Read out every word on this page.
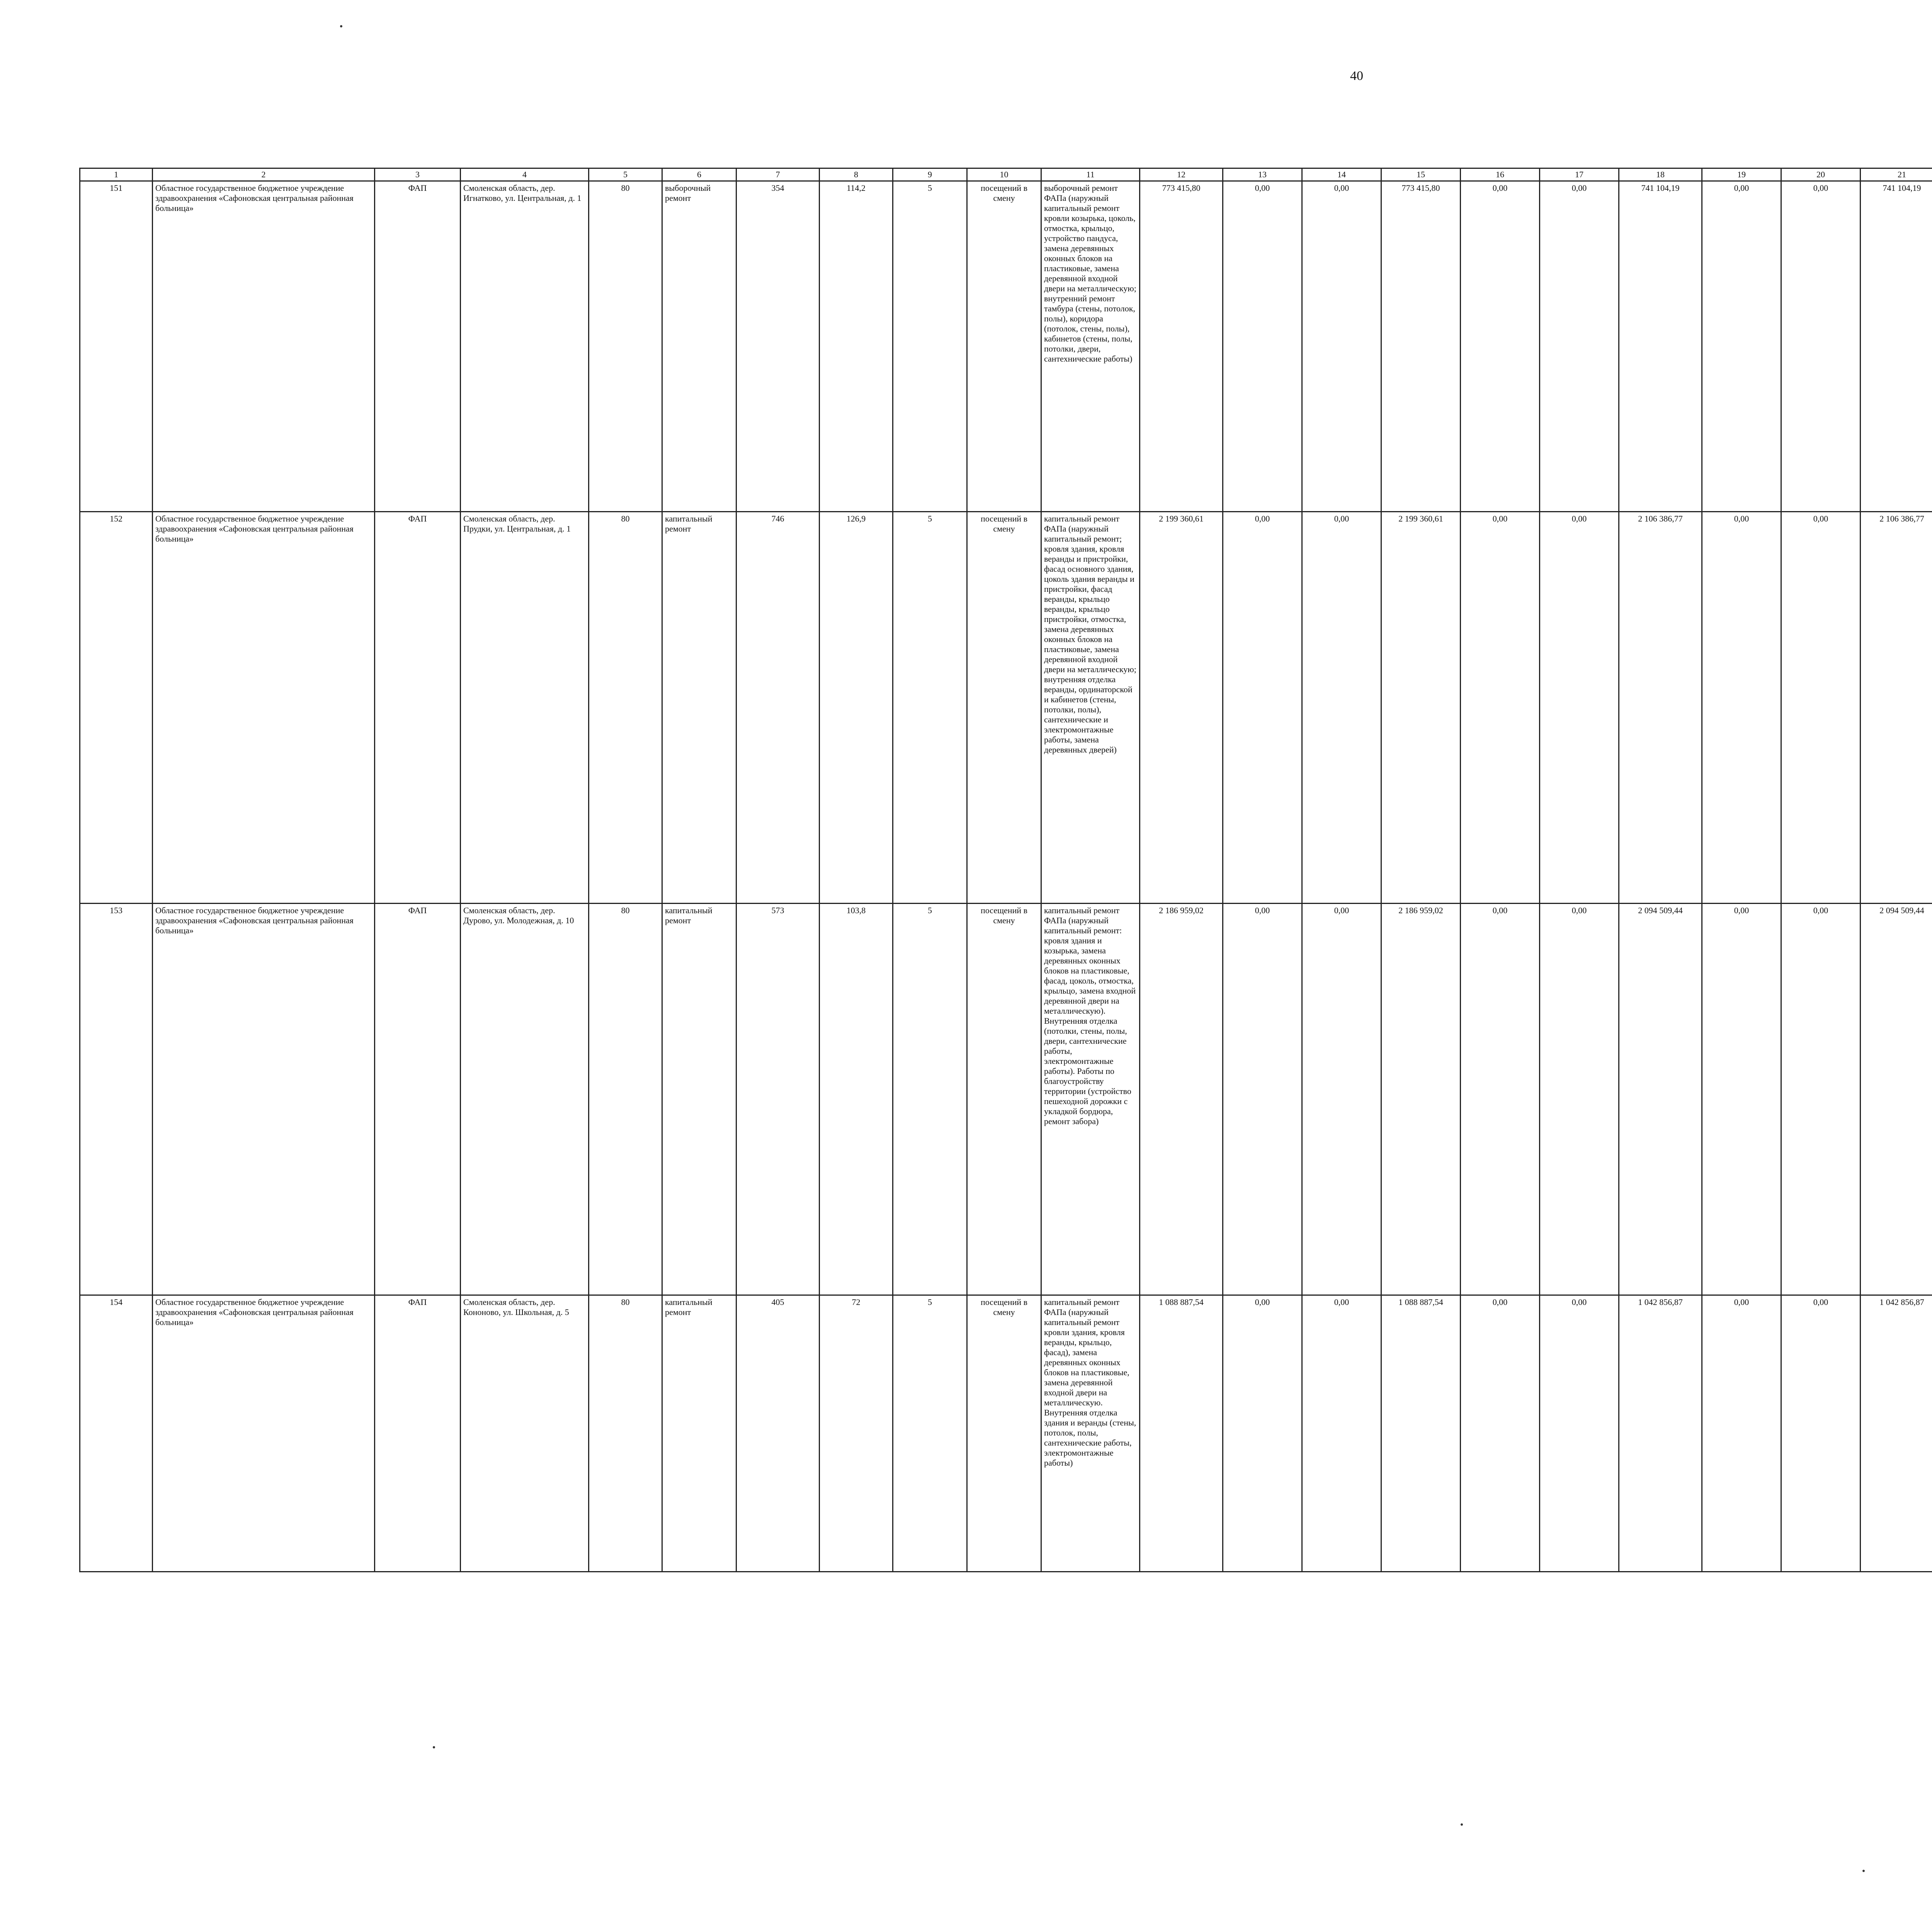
40
1	2	3	4	5	6	7	8	9	10	11	12	13	14	15	16	17	18	19	20	21									
151	Областное государственное бюджетное учреждение здравоохранения «Сафоновская центральная районная больница»	ФАП	Смоленская область, дер. Игнатково, ул. Центральная, д. 1	80	выборочный ремонт	354	114,2	5	посещений в смену	выборочный ремонт ФАПа (наружный капитальный ремонт кровли козырька, цоколь, отмостка, крыльцо, устройство пандуса, замена деревянных оконных блоков на пластиковые, замена деревянной входной двери на металлическую; внутренний ремонт тамбура (стены, потолок, полы), коридора (потолок, стены, полы), кабинетов (стены, полы, потолки, двери, сантехнические работы)	773 415,80	0,00	0,00	773 415,80	0,00	0,00	741 104,19	0,00	0,00	741 104,19									
152	Областное государственное бюджетное учреждение здравоохранения «Сафоновская центральная районная больница»	ФАП	Смоленская область, дер. Прудки, ул. Центральная, д. 1	80	капитальный ремонт	746	126,9	5	посещений в смену	капитальный ремонт ФАПа (наружный капитальный ремонт; кровля здания, кровля веранды и пристройки, фасад основного здания, цоколь здания веранды и пристройки, фасад веранды, крыльцо веранды, крыльцо пристройки, отмостка, замена деревянных оконных блоков на пластиковые, замена деревянной входной двери на металлическую; внутренняя отделка веранды, ординаторской и кабинетов (стены, потолки, полы), сантехнические и электромонтажные работы, замена деревянных дверей)	2 199 360,61	0,00	0,00	2 199 360,61	0,00	0,00	2 106 386,77	0,00	0,00	2 106 386,77									
153	Областное государственное бюджетное учреждение здравоохранения «Сафоновская центральная районная больница»	ФАП	Смоленская область, дер. Дурово, ул. Молодежная, д. 10	80	капитальный ремонт	573	103,8	5	посещений в смену	капитальный ремонт ФАПа (наружный капитальный ремонт: кровля здания и козырька, замена деревянных оконных блоков на пластиковые, фасад, цоколь, отмостка, крыльцо, замена входной деревянной двери на металлическую). Внутренняя отделка (потолки, стены, полы, двери, сантехнические работы, электромонтажные работы). Работы по благоустройству территории (устройство пешеходной дорожки с укладкой бордюра, ремонт забора)	2 186 959,02	0,00	0,00	2 186 959,02	0,00	0,00	2 094 509,44	0,00	0,00	2 094 509,44									
154	Областное государственное бюджетное учреждение здравоохранения «Сафоновская центральная районная больница»	ФАП	Смоленская область, дер. Кононово, ул. Школьная, д. 5	80	капитальный ремонт	405	72	5	посещений в смену	капитальный ремонт ФАПа (наружный капитальный ремонт кровли здания, кровля веранды, крыльцо, фасад), замена деревянных оконных блоков на пластиковые, замена деревянной входной двери на металлическую. Внутренняя отделка здания и веранды (стены, потолок, полы, сантехнические работы, электромонтажные работы)	1 088 887,54	0,00	0,00	1 088 887,54	0,00	0,00	1 042 856,87	0,00	0,00	1 042 856,87									
